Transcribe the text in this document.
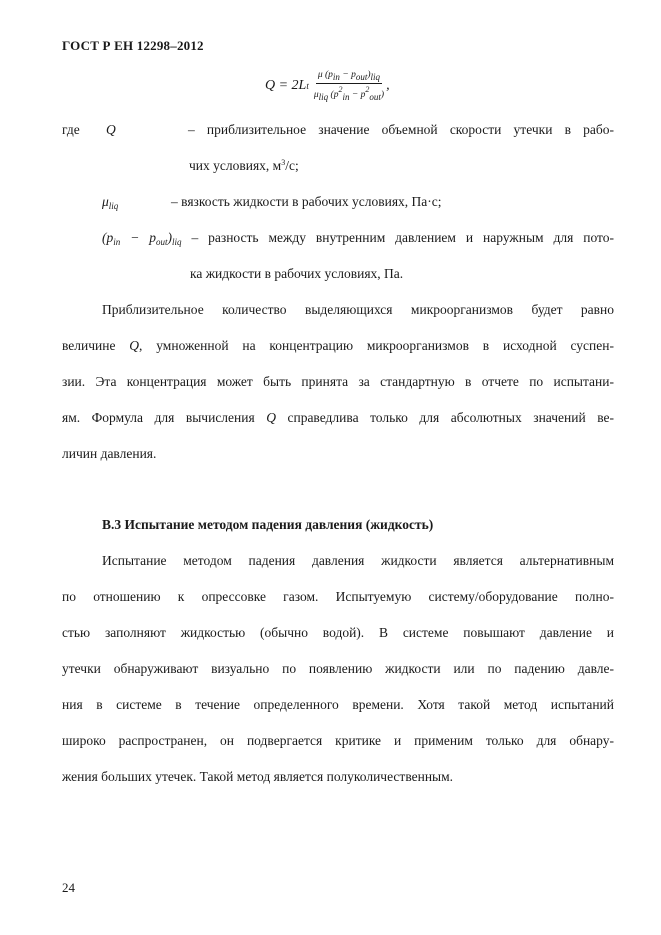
ГОСТ Р ЕН 12298–2012
Q = 2L t $\frac{\text{μ (pin − pout)liq}}{\mu liq (p^2in - p^2out)}$ ,
где Q	– приблизительное значение объемной скорости утечки в рабо-
чих условиях, $м^3/с$;
$\mu_{liq}$	– вязкость жидкости в рабочих условиях, Па·с;
$(p_{in} - p_{out})_{liq}$ – разность между внутренним давлением и наружным для пото-
ка жидкости в рабочих условиях, Па.
Приблизительное количество выделяющихся микроорганизмов будет равно
величине Q, умноженной на концентрацию микроорганизмов в исходной суспен-
зии. Эта концентрация может быть принята за стандартную в отчете по испытани-
ям. Формула для вычисления Q справедлива только для абсолютных значений ве-
личин давления.
В.3 Испытание методом падения давления (жидкость)
Испытание методом падения давления жидкости является альтернативным
по отношению к опрессовке газом. Испытуемую систему/оборудование полно-
стью заполняют жидкостью (обычно водой). В системе повышают давление и
утечки обнаруживают визуально по появлению жидкости или по падению давле-
ния в системе в течение определенного времени. Хотя такой метод испытаний
широко распространен, он подвергается критике и применим только для обнару-
жения больших утечек. Такой метод является полуколичественным.
24
